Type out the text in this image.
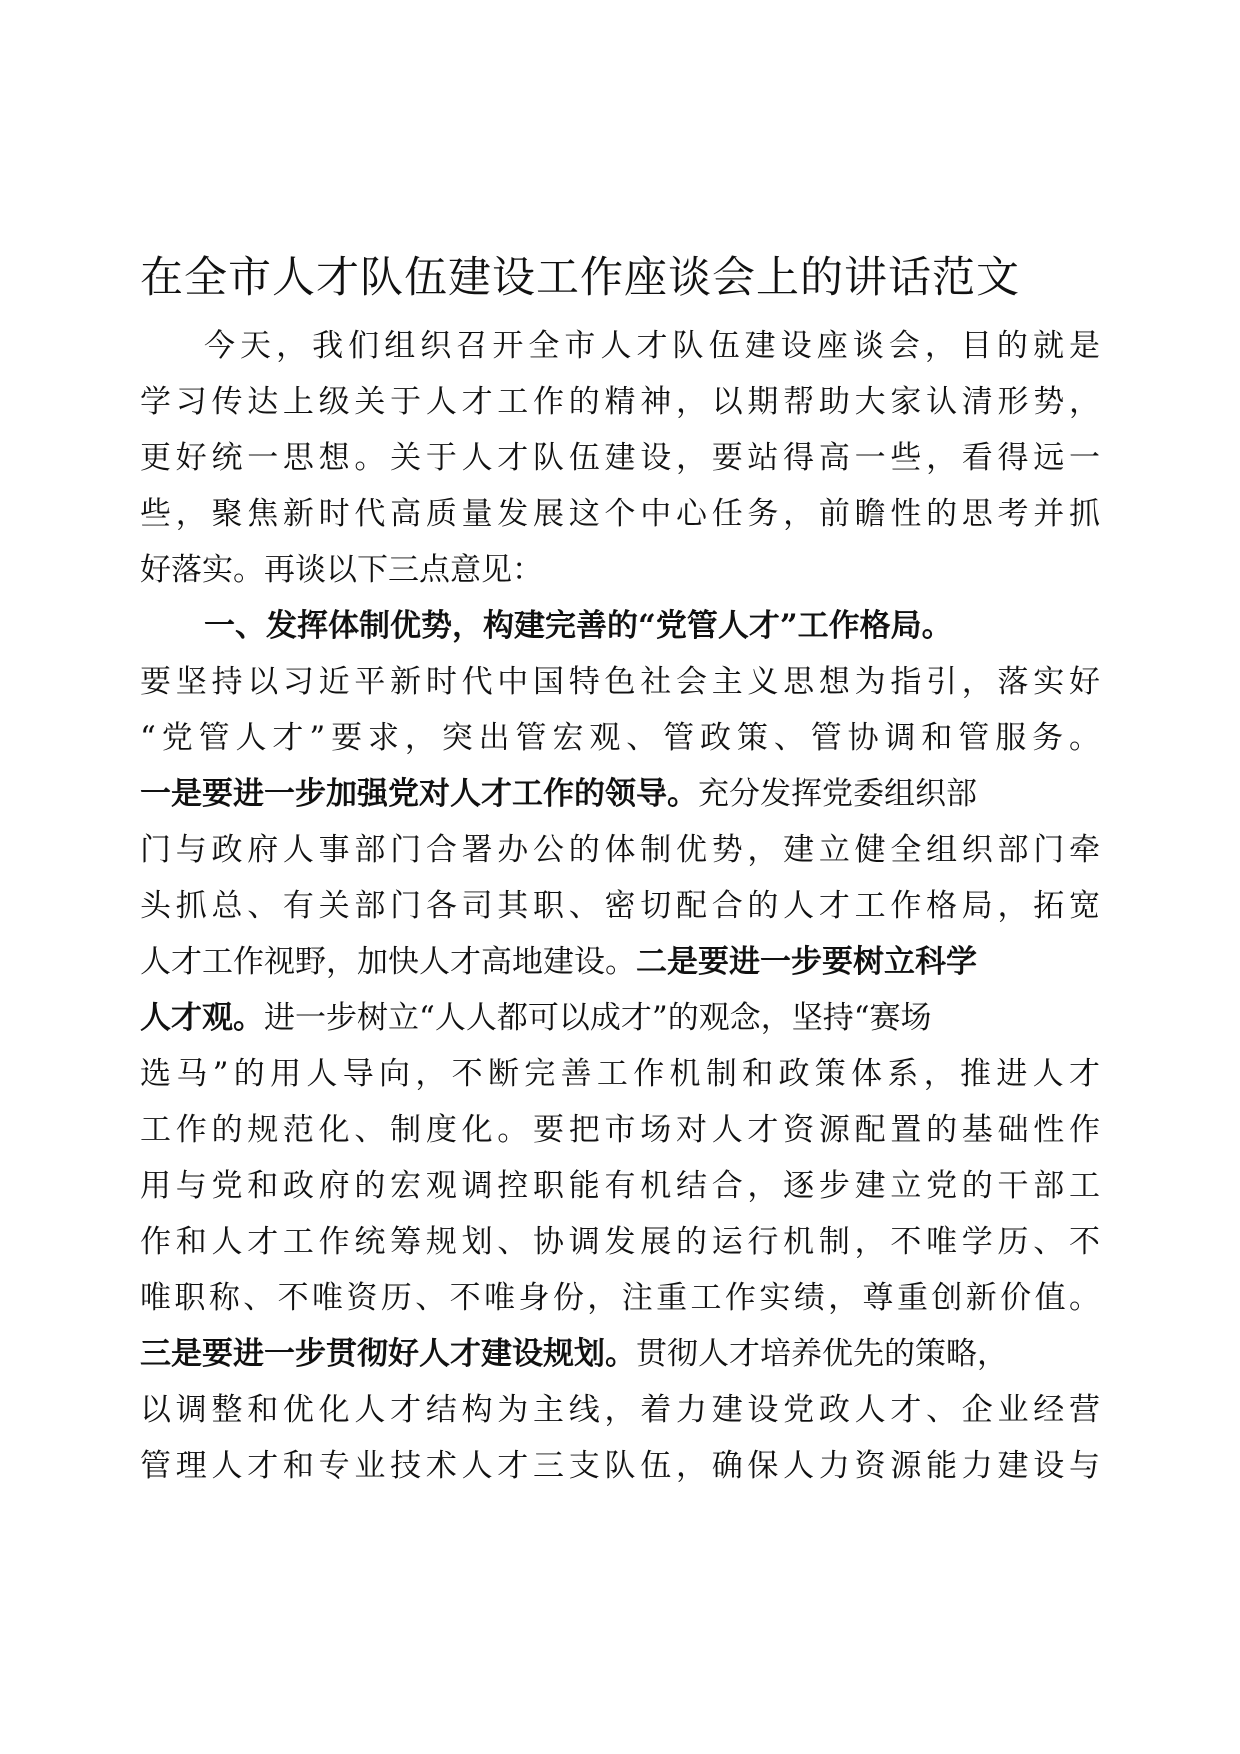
在全市人才队伍建设工作座谈会上的讲话范文
今天，我们组织召开全市人才队伍建设座谈会，目的就是
学习传达上级关于人才工作的精神，以期帮助大家认清形势，
更好统一思想。关于人才队伍建设，要站得高一些，看得远一
些，聚焦新时代高质量发展这个中心任务，前瞻性的思考并抓
好落实。再谈以下三点意见：
一、发挥体制优势，构建完善的“党管人才”工作格局。
要坚持以习近平新时代中国特色社会主义思想为指引，落实好
“党管人才”要求，突出管宏观、管政策、管协调和管服务。
一是要进一步加强党对人才工作的领导。充分发挥党委组织部
门与政府人事部门合署办公的体制优势，建立健全组织部门牵
头抓总、有关部门各司其职、密切配合的人才工作格局，拓宽
人才工作视野，加快人才高地建设。二是要进一步要树立科学
人才观。进一步树立“人人都可以成才”的观念，坚持“赛场
选马”的用人导向，不断完善工作机制和政策体系，推进人才
工作的规范化、制度化。要把市场对人才资源配置的基础性作
用与党和政府的宏观调控职能有机结合，逐步建立党的干部工
作和人才工作统筹规划、协调发展的运行机制，不唯学历、不
唯职称、不唯资历、不唯身份，注重工作实绩，尊重创新价值。
三是要进一步贯彻好人才建设规划。贯彻人才培养优先的策略，
以调整和优化人才结构为主线，着力建设党政人才、企业经营
管理人才和专业技术人才三支队伍，确保人力资源能力建设与
